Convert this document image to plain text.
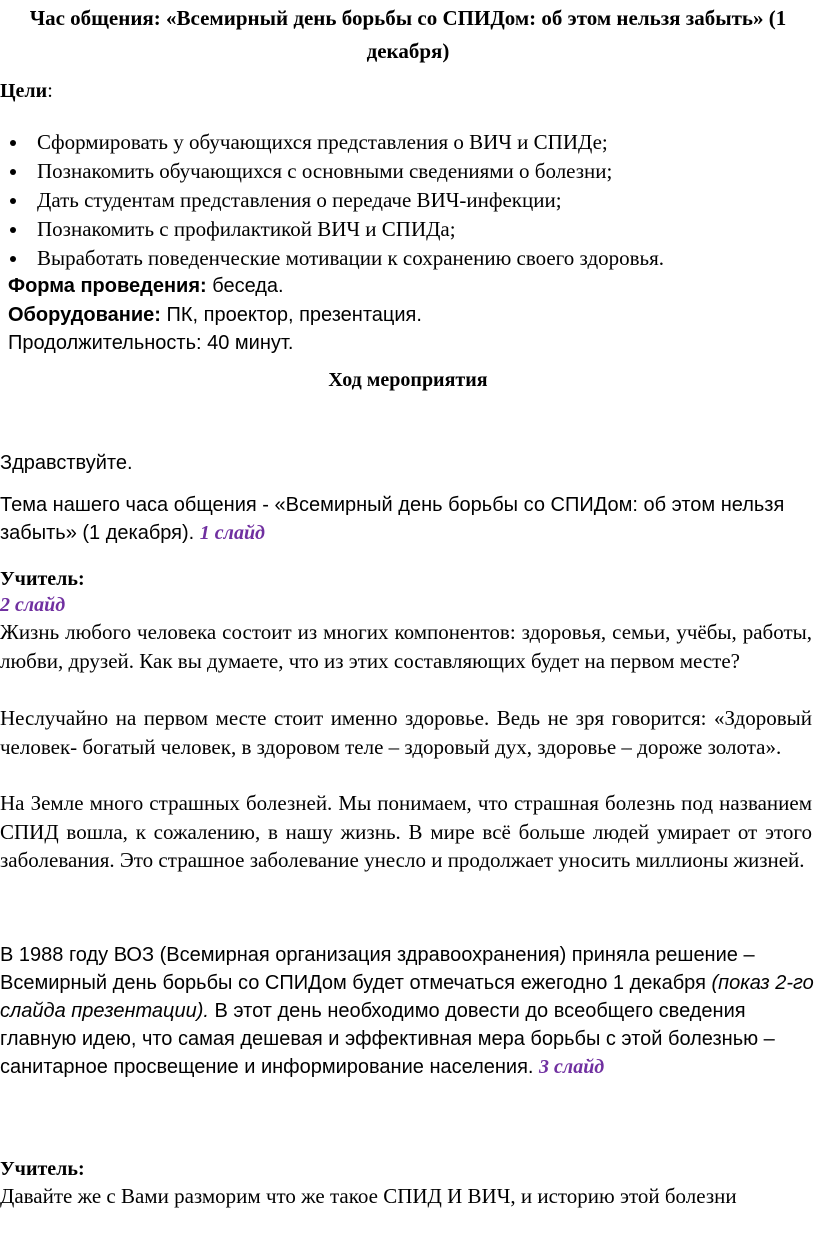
Час общения: «Всемирный день борьбы со СПИДом: об этом нельзя забыть» (1 декабря)

Цели:

Сформировать у обучающихся представления о ВИЧ и СПИДе;
Познакомить обучающихся с основными сведениями о болезни;
Дать студентам представления о передаче ВИЧ-инфекции;
Познакомить с профилактикой ВИЧ и СПИДа;
Выработать поведенческие мотивации к сохранению своего здоровья.

Форма проведения: беседа.

Оборудование: ПК, проектор, презентация.

Продолжительность: 40 минут.

Ход мероприятия

Здравствуйте.

Тема нашего часа общения - «Всемирный день борьбы со СПИДом: об этом нельзя забыть» (1 декабря). 1 слайд

Учитель:

2 слайд

Жизнь любого человека состоит из многих компонентов: здоровья, семьи, учёбы, работы, любви, друзей. Как вы думаете, что из этих составляющих будет на первом месте?

Неслучайно на первом месте стоит именно здоровье. Ведь не зря говорится: «Здоровый человек- богатый человек, в здоровом теле – здоровый дух, здоровье – дороже золота».

На Земле много страшных болезней. Мы понимаем, что страшная болезнь под названием СПИД вошла, к сожалению, в нашу жизнь. В мире всё больше людей умирает от этого заболевания. Это страшное заболевание унесло и продолжает уносить миллионы жизней.

В 1988 году ВОЗ (Всемирная организация здравоохранения) приняла решение – Всемирный день борьбы со СПИДом будет отмечаться ежегодно 1 декабря (показ 2-го слайда презентации). В этот день необходимо довести до всеобщего сведения главную идею, что самая дешевая и эффективная мера борьбы с этой болезнью – санитарное просвещение и информирование населения. 3 слайд

Учитель:

Давайте же с Вами разморим что же такое СПИД И ВИЧ, и историю этой болезни
